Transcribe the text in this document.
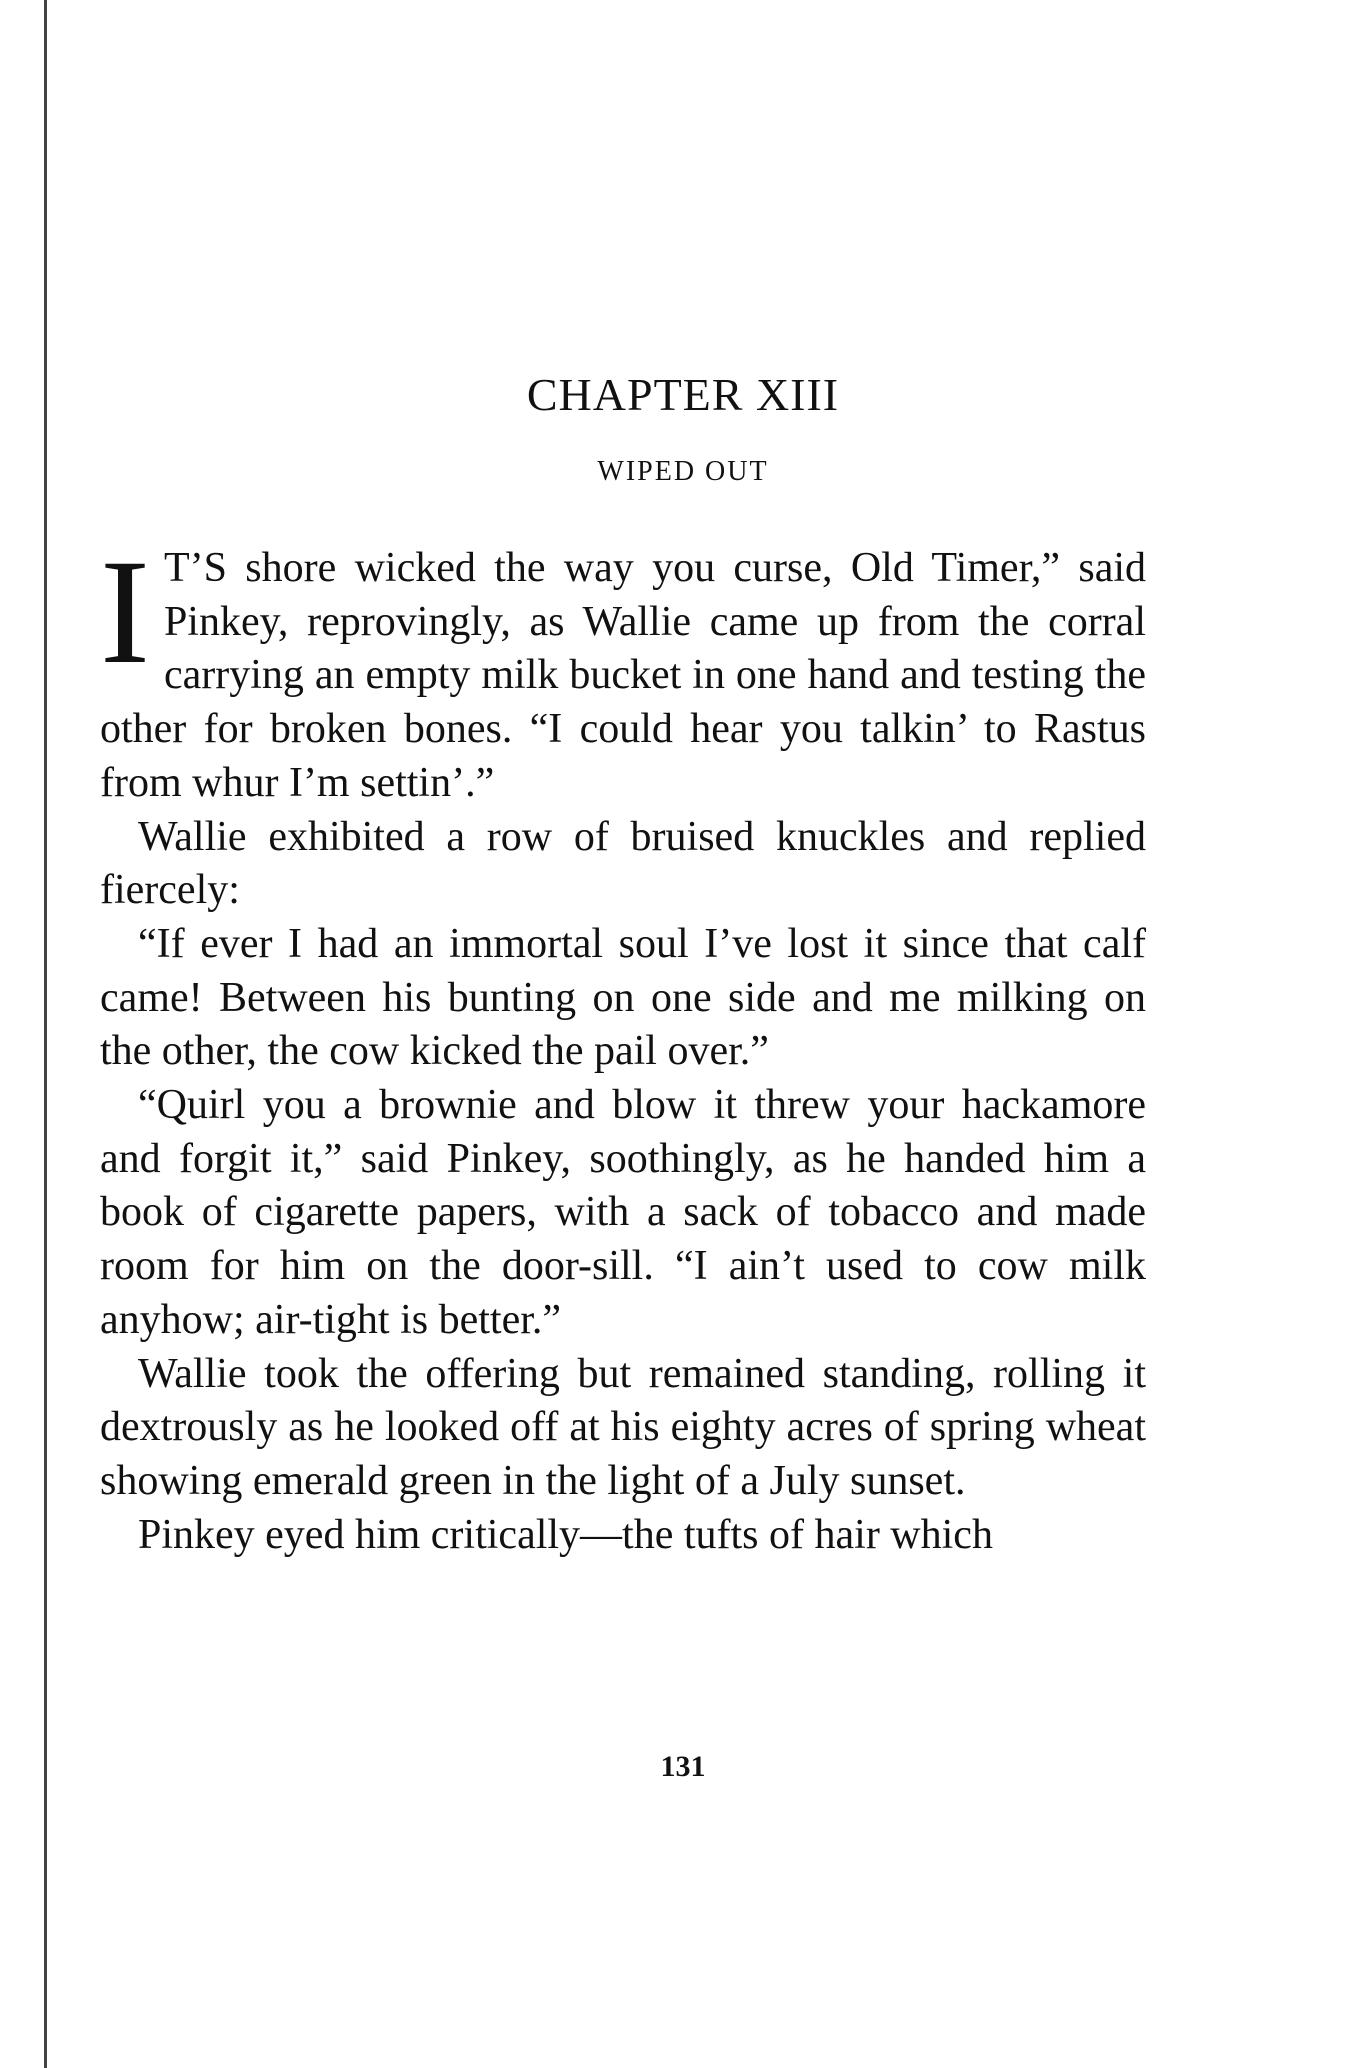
CHAPTER XIII
WIPED OUT

I T’S shore wicked the way you curse, Old Timer,” said Pinkey, reprovingly, as Wallie came up from the corral carrying an empty milk bucket in one hand and testing the other for broken bones. “I could hear you talkin’ to Rastus from whur I’m settin’.”

Wallie exhibited a row of bruised knuckles and replied fiercely:

“If ever I had an immortal soul I’ve lost it since that calf came! Between his bunting on one side and me milking on the other, the cow kicked the pail over.”

“Quirl you a brownie and blow it threw your hackamore and forgit it,” said Pinkey, soothingly, as he handed him a book of cigarette papers, with a sack of tobacco and made room for him on the door-sill. “I ain’t used to cow milk anyhow; air-tight is better.”

Wallie took the offering but remained standing, rolling it dextrously as he looked off at his eighty acres of spring wheat showing emerald green in the light of a July sunset.

Pinkey eyed him critically—the tufts of hair which

131
